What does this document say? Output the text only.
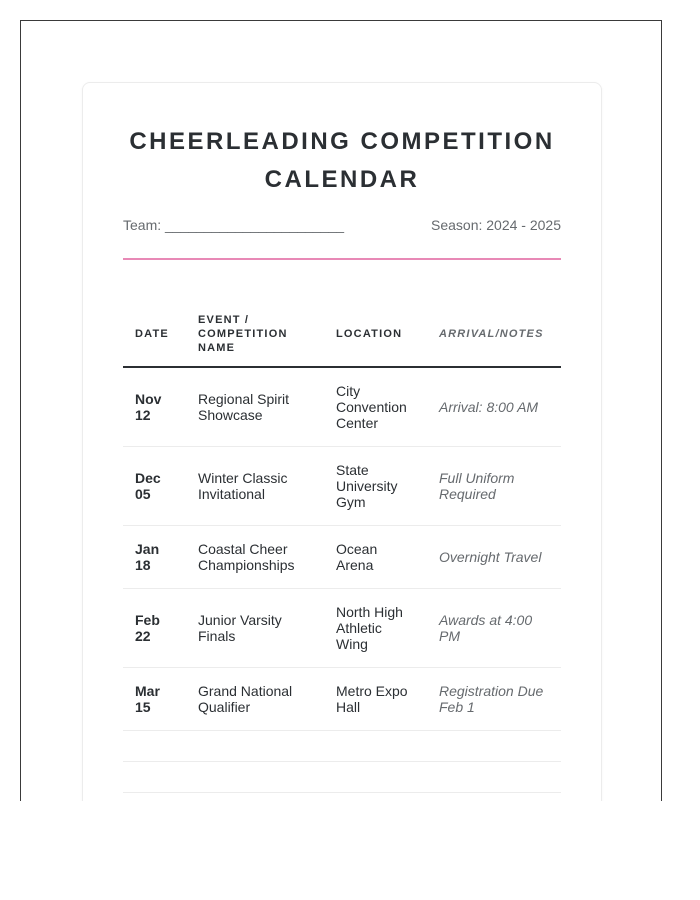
CHEERLEADING COMPETITION CALENDAR
Team: _______________________	Season: 2024 - 2025
DATE	EVENT / COMPETITION NAME	LOCATION	ARRIVAL/NOTES
Nov 12	Regional Spirit Showcase	City Convention Center	Arrival: 8:00 AM
Dec 05	Winter Classic Invitational	State University Gym	Full Uniform Required
Jan 18	Coastal Cheer Championships	Ocean Arena	Overnight Travel
Feb 22	Junior Varsity Finals	North High Athletic Wing	Awards at 4:00 PM
Mar 15	Grand National Qualifier	Metro Expo Hall	Registration Due Feb 1
